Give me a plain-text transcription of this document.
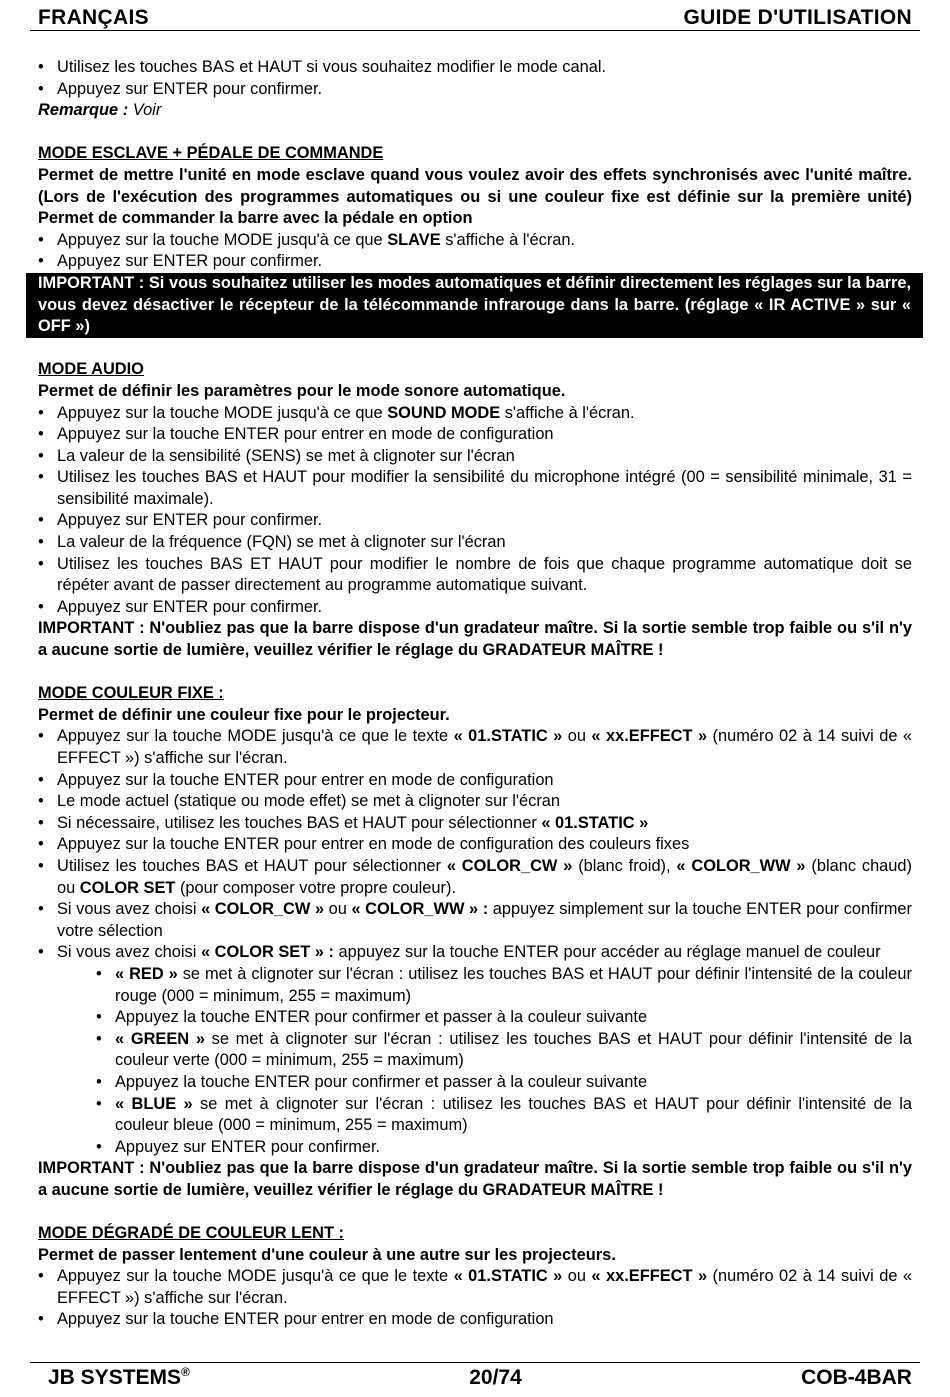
FRANÇAIS	GUIDE D'UTILISATION
• Utilisez les touches BAS et HAUT si vous souhaitez modifier le mode canal.
• Appuyez sur ENTER pour confirmer.

Remarque : Voir

MODE ESCLAVE + PÉDALE DE COMMANDE

Permet de mettre l'unité en mode esclave quand vous voulez avoir des effets synchronisés avec l'unité maître. (Lors de l'exécution des programmes automatiques ou si une couleur fixe est définie sur la première unité) Permet de commander la barre avec la pédale en option

• Appuyez sur la touche MODE jusqu'à ce que SLAVE s'affiche à l'écran.
• Appuyez sur ENTER pour confirmer.

IMPORTANT : Si vous souhaitez utiliser les modes automatiques et définir directement les réglages sur la barre, vous devez désactiver le récepteur de la télécommande infrarouge dans la barre. (réglage « IR ACTIVE » sur « OFF »)

MODE AUDIO

Permet de définir les paramètres pour le mode sonore automatique.

• Appuyez sur la touche MODE jusqu'à ce que SOUND MODE s'affiche à l'écran.
• Appuyez sur la touche ENTER pour entrer en mode de configuration
• La valeur de la sensibilité (SENS) se met à clignoter sur l'écran
• Utilisez les touches BAS et HAUT pour modifier la sensibilité du microphone intégré (00 = sensibilité minimale, 31 = sensibilité maximale).
• Appuyez sur ENTER pour confirmer.
• La valeur de la fréquence (FQN) se met à clignoter sur l'écran
• Utilisez les touches BAS ET HAUT pour modifier le nombre de fois que chaque programme automatique doit se répéter avant de passer directement au programme automatique suivant.
• Appuyez sur ENTER pour confirmer.

IMPORTANT : N'oubliez pas que la barre dispose d'un gradateur maître. Si la sortie semble trop faible ou s'il n'y a aucune sortie de lumière, veuillez vérifier le réglage du GRADATEUR MAÎTRE !

MODE COULEUR FIXE :

Permet de définir une couleur fixe pour le projecteur.

• Appuyez sur la touche MODE jusqu'à ce que le texte « 01.STATIC » ou « xx.EFFECT » (numéro 02 à 14 suivi de « EFFECT ») s'affiche sur l'écran.
• Appuyez sur la touche ENTER pour entrer en mode de configuration
• Le mode actuel (statique ou mode effet) se met à clignoter sur l'écran
• Si nécessaire, utilisez les touches BAS et HAUT pour sélectionner « 01.STATIC »
• Appuyez sur la touche ENTER pour entrer en mode de configuration des couleurs fixes
• Utilisez les touches BAS et HAUT pour sélectionner « COLOR_CW » (blanc froid), « COLOR_WW » (blanc chaud) ou COLOR SET (pour composer votre propre couleur).
• Si vous avez choisi « COLOR_CW » ou « COLOR_WW » : appuyez simplement sur la touche ENTER pour confirmer votre sélection
• Si vous avez choisi « COLOR SET » : appuyez sur la touche ENTER pour accéder au réglage manuel de couleur
• « RED » se met à clignoter sur l'écran : utilisez les touches BAS et HAUT pour définir l'intensité de la couleur rouge (000 = minimum, 255 = maximum)
• Appuyez la touche ENTER pour confirmer et passer à la couleur suivante
• « GREEN » se met à clignoter sur l'écran : utilisez les touches BAS et HAUT pour définir l'intensité de la couleur verte (000 = minimum, 255 = maximum)
• Appuyez la touche ENTER pour confirmer et passer à la couleur suivante
• « BLUE » se met à clignoter sur l'écran : utilisez les touches BAS et HAUT pour définir l'intensité de la couleur bleue (000 = minimum, 255 = maximum)
• Appuyez sur ENTER pour confirmer.

IMPORTANT : N'oubliez pas que la barre dispose d'un gradateur maître. Si la sortie semble trop faible ou s'il n'y a aucune sortie de lumière, veuillez vérifier le réglage du GRADATEUR MAÎTRE !

MODE DÉGRADÉ DE COULEUR LENT :

Permet de passer lentement d'une couleur à une autre sur les projecteurs.

• Appuyez sur la touche MODE jusqu'à ce que le texte « 01.STATIC » ou « xx.EFFECT » (numéro 02 à 14 suivi de « EFFECT ») s'affiche sur l'écran.
• Appuyez sur la touche ENTER pour entrer en mode de configuration
JB SYSTEMS®	20/74	COB-4BAR
